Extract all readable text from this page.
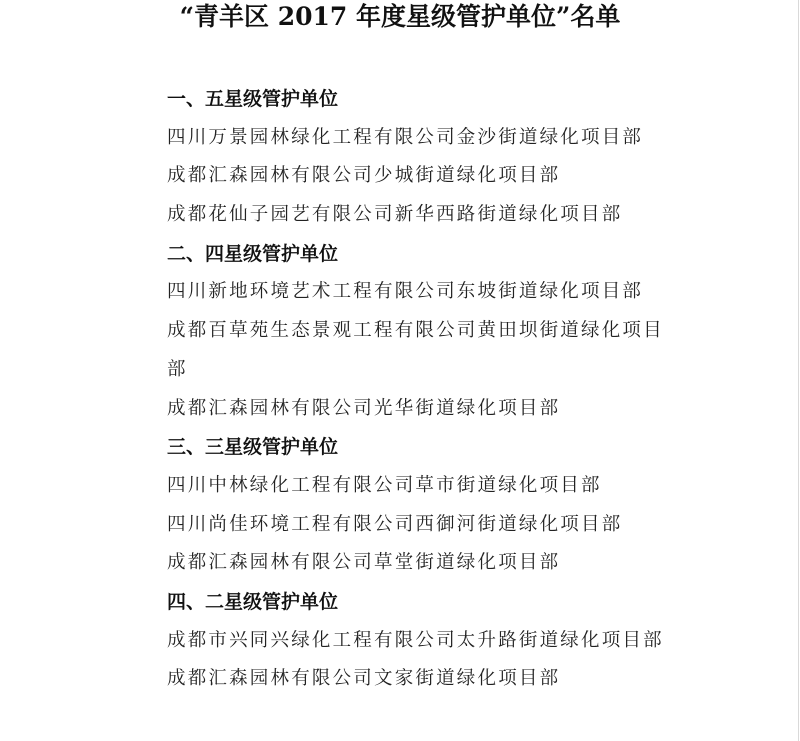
“青羊区 2017 年度星级管护单位”名单

一、五星级管护单位

四川万景园林绿化工程有限公司金沙街道绿化项目部

成都汇森园林有限公司少城街道绿化项目部

成都花仙子园艺有限公司新华西路街道绿化项目部

二、四星级管护单位

四川新地环境艺术工程有限公司东坡街道绿化项目部

成都百草苑生态景观工程有限公司黄田坝街道绿化项目部

成都汇森园林有限公司光华街道绿化项目部

三、三星级管护单位

四川中林绿化工程有限公司草市街道绿化项目部

四川尚佳环境工程有限公司西御河街道绿化项目部

成都汇森园林有限公司草堂街道绿化项目部

四、二星级管护单位

成都市兴同兴绿化工程有限公司太升路街道绿化项目部

成都汇森园林有限公司文家街道绿化项目部
